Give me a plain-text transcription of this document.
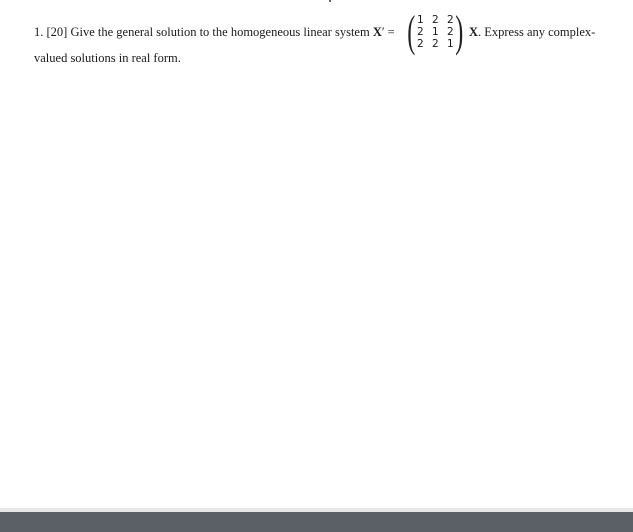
1.
[20]
Give the general solution to the homogeneous linear system
X ′ = ( 1 2 2
2 1 2
2 2 1 ) X . Express any complex-
valued solutions in real form.
